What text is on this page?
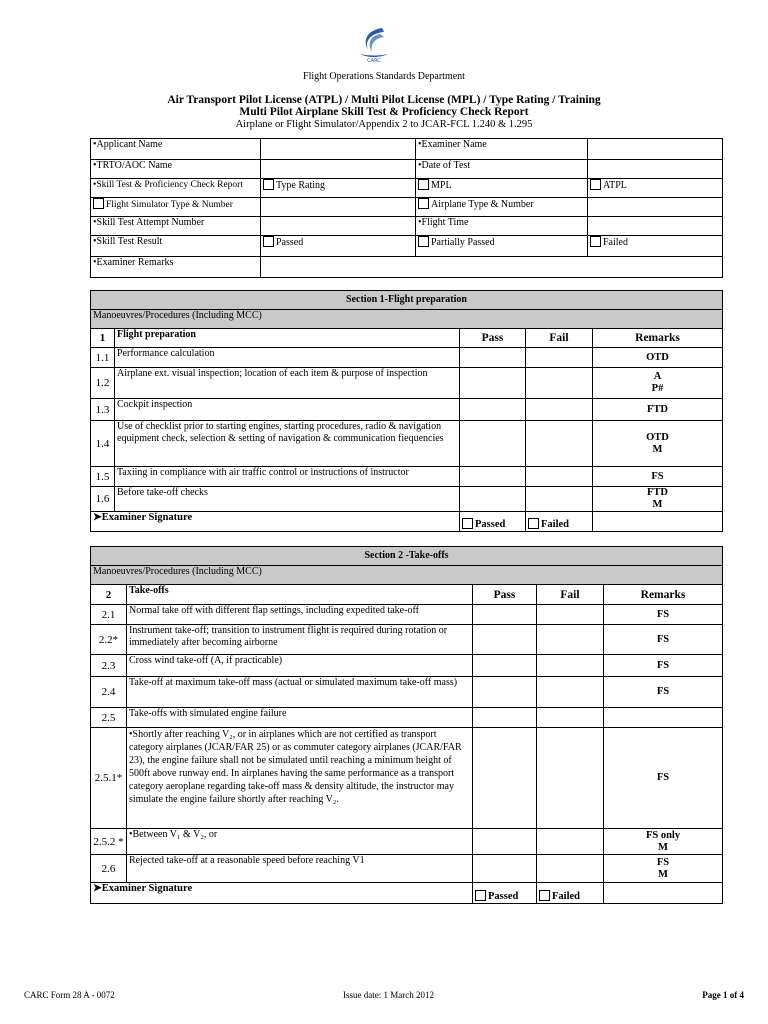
CARC
Flight Operations Standards Department
Air Transport Pilot License (ATPL) / Multi Pilot License (MPL) / Type Rating / Training
Multi Pilot Airplane Skill Test & Proficiency Check Report
Airplane or Flight Simulator/Appendix 2 to JCAR-FCL 1.240 & 1.295
•Applicant Name		•Examiner Name	
•TRTO/AOC Name		•Date of Test	
•Skill Test & Proficiency Check Report	Type Rating	MPL	ATPL
Flight Simulator Type & Number		Airplane Type & Number	
•Skill Test Attempt Number		•Flight Time	
•Skill Test Result	Passed	Partially Passed	Failed
•Examiner Remarks			
Section 1-Flight preparation				
Manoeuvres/Procedures (Including MCC)				
1	Flight preparation	Pass	Fail	Remarks
1.1	Performance calculation			OTD

1.2	Airplane ext. visual inspection; location of each item & purpose of inspection			A
P#

1.3	Cockpit inspection			FTD

1.4	Use of checklist prior to starting engines, starting procedures, radio & navigation equipment check, selection & setting of navigation & communication fiequencies			OTD
M

1.5	Taxiing in compliance with air traffic control or instructions of instructor			FS

1.6	Before take-off checks			FTD
M

➤Examiner Signature		Passed	Failed	
Section 2 -Take-offs				
Manoeuvres/Procedures (Including MCC)				
2	Take-offs	Pass	Fail	Remarks
2.1	Normal take off with different flap settings, including expedited take-off			FS

2.2*	Instrument take-off; transition to instrument flight is required during rotation or immediately after becoming airborne			FS

2.3	Cross wind take-off (A, if practicable)			FS

2.4	Take-off at maximum take-off mass (actual or simulated maximum take-off mass)			FS

2.5	Take-offs with simulated engine failure			

2.5.1*	•Shortly after reaching V₂, or in airplanes which are not certified as transport category airplanes (JCAR/FAR 25) or as commuter category airplanes (JCAR/FAR 23), the engine failure shall not be simulated until reaching a minimum height of 500ft above runway end. In airplanes having the same performance as a transport category aeroplane regarding take-off mass & density altitude, the instructor may simulate the engine failure shortly after reaching V₂.			FS

2.5.2 *	•Between V₁ & V₂, or			FS only
M

2.6	Rejected take-off at a reasonable speed before reaching V1			FS
M

➤Examiner Signature		Passed	Failed	
CARC Form 28 A - 0072	Issue date: 1 March 2012	Page 1 of 4
